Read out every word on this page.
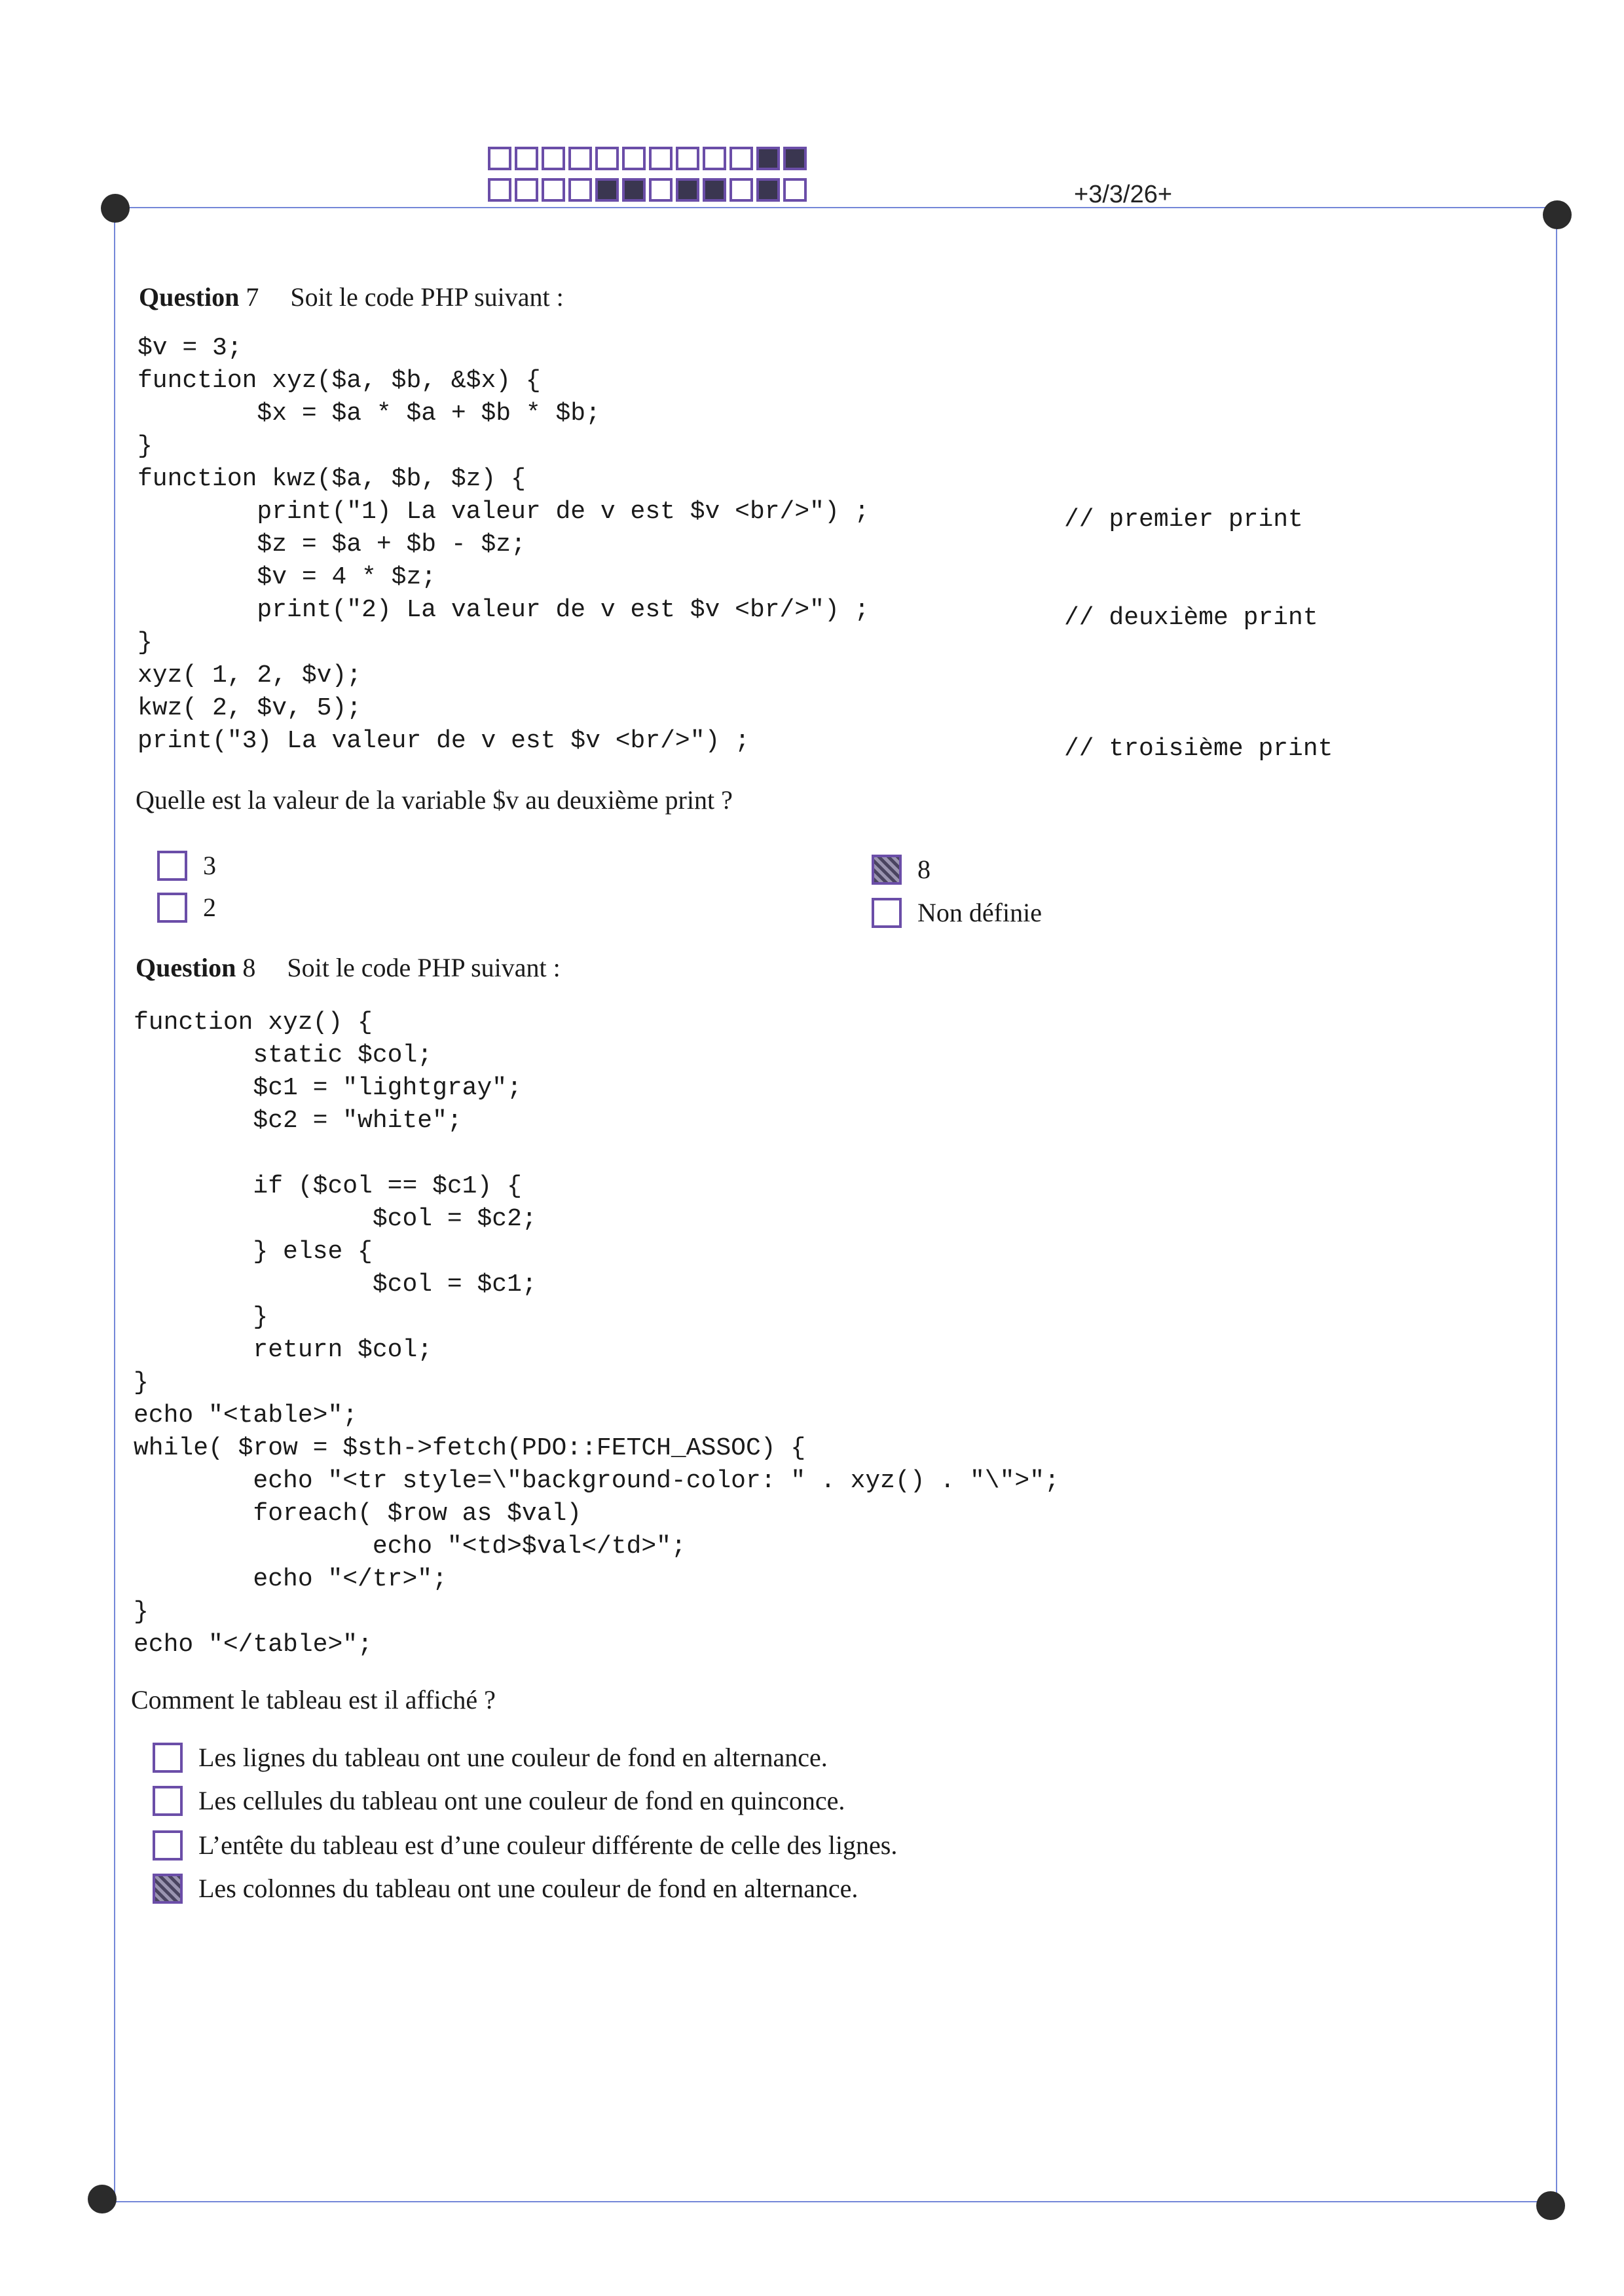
+3/3/26+
Question 7 Soit le code PHP suivant :
$v = 3;
function xyz($a, $b, &$x) {
$x = $a * $a + $b * $b;
}
function kwz($a, $b, $z) {
print("1) La valeur de v est $v <br/>") ;
$z = $a + $b - $z;
$v = 4 * $z;
print("2) La valeur de v est $v <br/>") ;
}
xyz( 1, 2, $v);
kwz( 2, $v, 5);
print("3) La valeur de v est $v <br/>") ;
// premier print
// deuxième print
// troisième print
Quelle est la valeur de la variable $v au deuxième print ?
3
2
8
Non définie
Question 8 Soit le code PHP suivant :
function xyz() {
static $col;
$c1 = "lightgray";
$c2 = "white";

if ($col == $c1) {
$col = $c2;
} else {
$col = $c1;
}
return $col;
}
echo "<table>";
while( $row = $sth->fetch(PDO::FETCH_ASSOC) {
echo "<tr style=\"background-color: " . xyz() . "\">";
foreach( $row as $val)
echo "<td>$val</td>";
echo "</tr>";
}
echo "</table>";
Comment le tableau est il affiché ?
Les lignes du tableau ont une couleur de fond en alternance.
Les cellules du tableau ont une couleur de fond en quinconce.
L’entête du tableau est d’une couleur différente de celle des lignes.
Les colonnes du tableau ont une couleur de fond en alternance.
